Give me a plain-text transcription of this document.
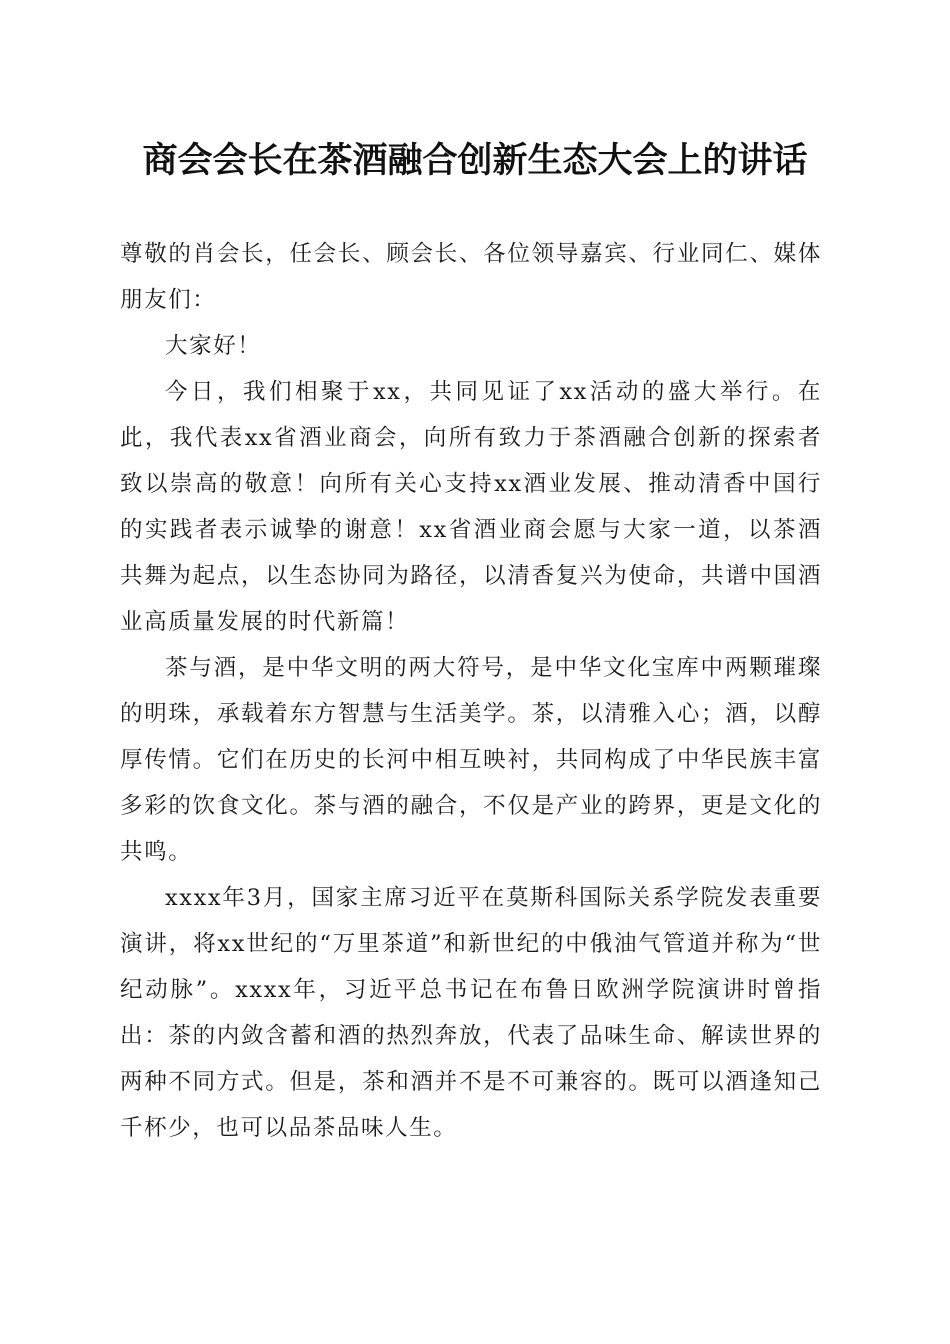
商会会长在茶酒融合创新生态大会上的讲话

尊敬的肖会长，任会长、顾会长、各位领导嘉宾、行业同仁、媒体朋友们：

大家好！

今日，我们相聚于xx，共同见证了xx活动的盛大举行。在此，我代表xx省酒业商会，向所有致力于茶酒融合创新的探索者致以崇高的敬意！向所有关心支持xx酒业发展、推动清香中国行的实践者表示诚挚的谢意！xx省酒业商会愿与大家一道，以茶酒共舞为起点，以生态协同为路径，以清香复兴为使命，共谱中国酒业高质量发展的时代新篇！

茶与酒，是中华文明的两大符号，是中华文化宝库中两颗璀璨的明珠，承载着东方智慧与生活美学。茶，以清雅入心；酒，以醇厚传情。它们在历史的长河中相互映衬，共同构成了中华民族丰富多彩的饮食文化。茶与酒的融合，不仅是产业的跨界，更是文化的共鸣。

xxxx年3月，国家主席习近平在莫斯科国际关系学院发表重要演讲，将xx世纪的“万里茶道”和新世纪的中俄油气管道并称为“世纪动脉”。xxxx年，习近平总书记在布鲁日欧洲学院演讲时曾指出：茶的内敛含蓄和酒的热烈奔放，代表了品味生命、解读世界的两种不同方式。但是，茶和酒并不是不可兼容的。既可以酒逢知己千杯少，也可以品茶品味人生。
